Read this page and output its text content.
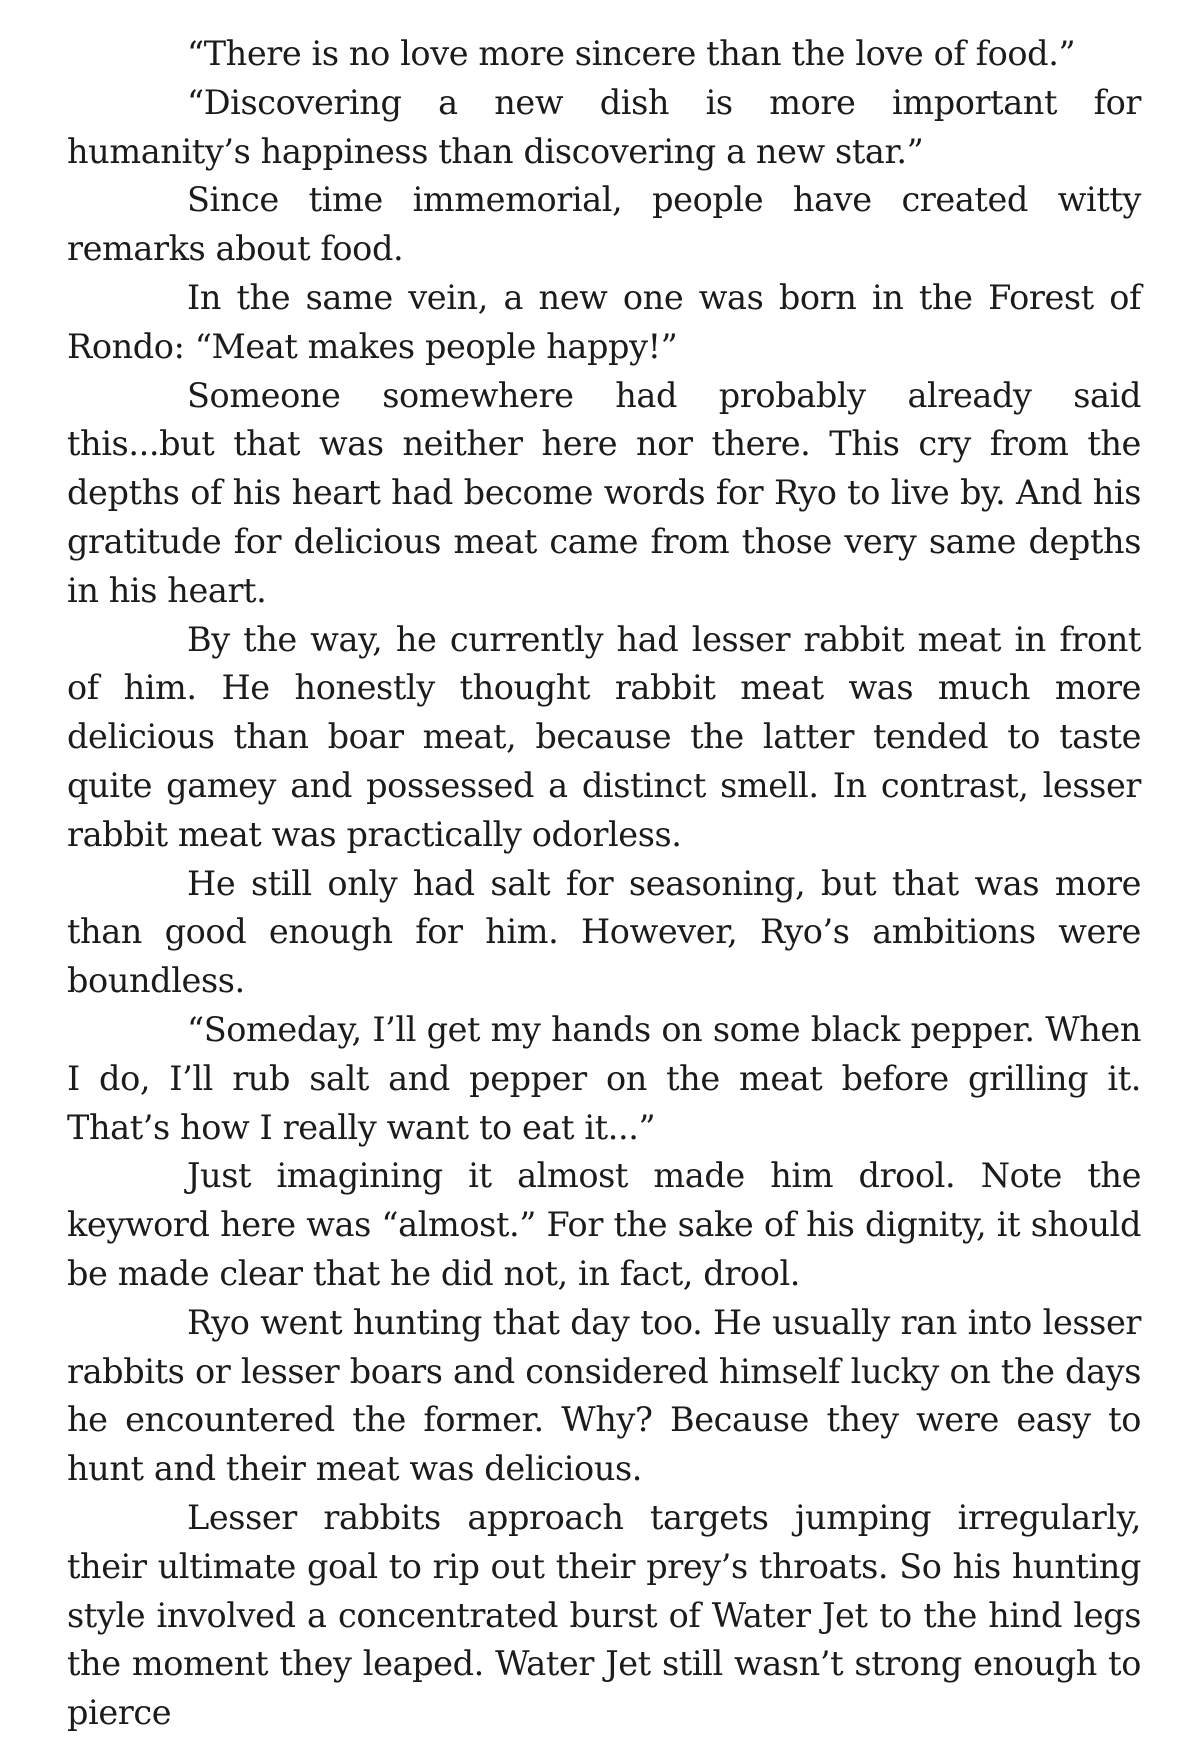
“There is no love more sincere than the love of food.”

“Discovering a new dish is more important for humanity’s happiness than discovering a new star.”

Since time immemorial, people have created witty remarks about food.

In the same vein, a new one was born in the Forest of Rondo: “Meat makes people happy!”

Someone somewhere had probably already said this...but that was neither here nor there. This cry from the depths of his heart had become words for Ryo to live by. And his gratitude for delicious meat came from those very same depths in his heart.

By the way, he currently had lesser rabbit meat in front of him. He honestly thought rabbit meat was much more delicious than boar meat, because the latter tended to taste quite gamey and possessed a distinct smell. In contrast, lesser rabbit meat was practically odorless.

He still only had salt for seasoning, but that was more than good enough for him. However, Ryo’s ambitions were boundless.

“Someday, I’ll get my hands on some black pepper. When I do, I’ll rub salt and pepper on the meat before grilling it. That’s how I really want to eat it...”

Just imagining it almost made him drool. Note the keyword here was “almost.” For the sake of his dignity, it should be made clear that he did not, in fact, drool.

Ryo went hunting that day too. He usually ran into lesser rabbits or lesser boars and considered himself lucky on the days he encountered the former. Why? Because they were easy to hunt and their meat was delicious.

Lesser rabbits approach targets jumping irregularly, their ultimate goal to rip out their prey’s throats. So his hunting style involved a concentrated burst of Water Jet to the hind legs the moment they leaped. Water Jet still wasn’t strong enough to pierce
